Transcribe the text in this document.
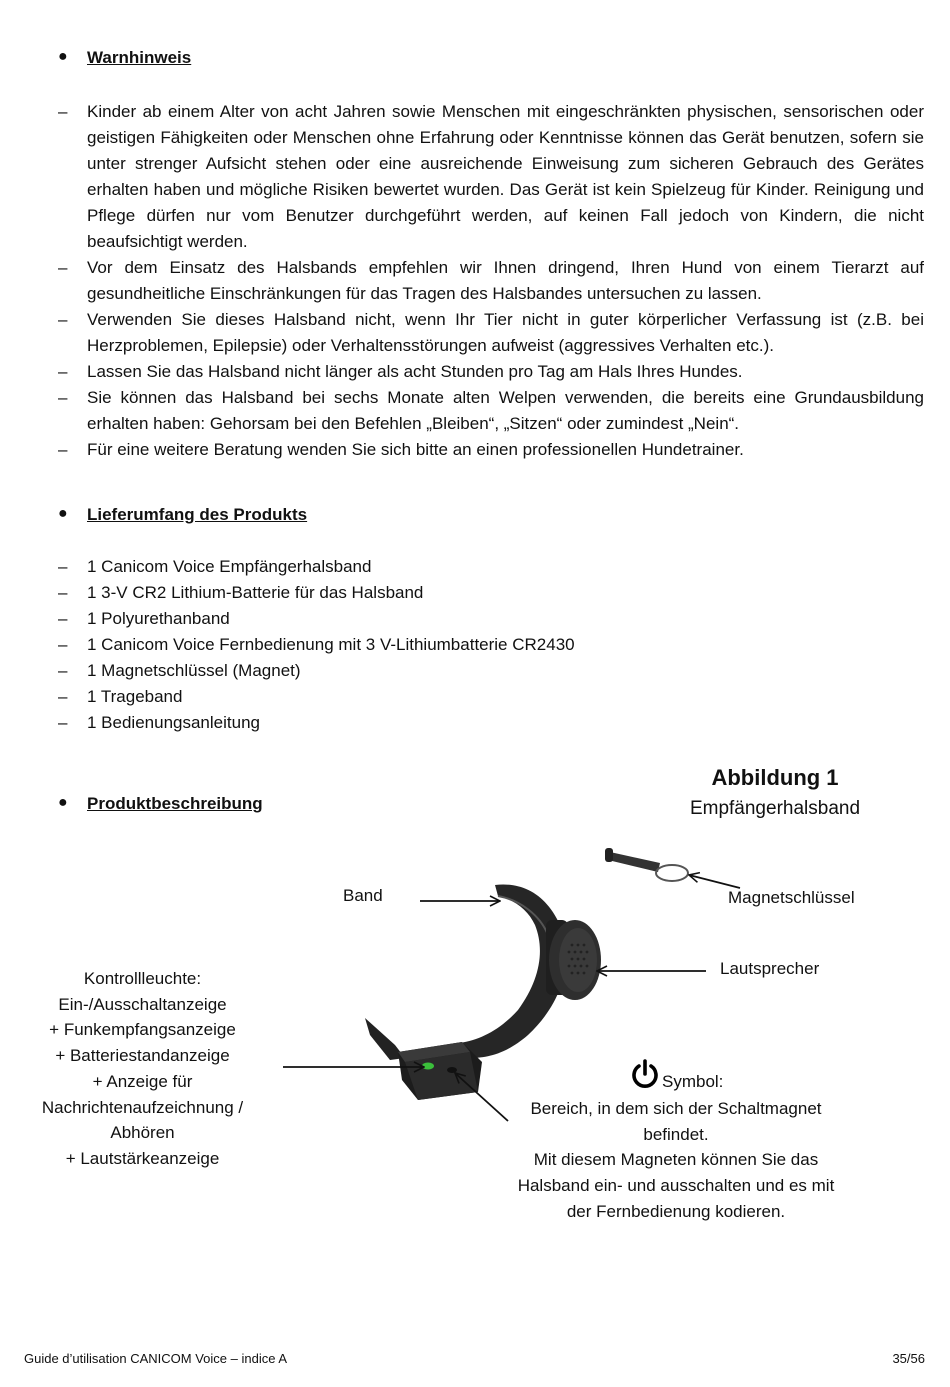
● Warnhinweis
– Kinder ab einem Alter von acht Jahren sowie Menschen mit eingeschränkten physischen, sensorischen oder geistigen Fähigkeiten oder Menschen ohne Erfahrung oder Kenntnisse können das Gerät benutzen, sofern sie unter strenger Aufsicht stehen oder eine ausreichende Einweisung zum sicheren Gebrauch des Gerätes erhalten haben und mögliche Risiken bewertet wurden. Das Gerät ist kein Spielzeug für Kinder. Reinigung und Pflege dürfen nur vom Benutzer durchgeführt werden, auf keinen Fall jedoch von Kindern, die nicht beaufsichtigt werden.
– Vor dem Einsatz des Halsbands empfehlen wir Ihnen dringend, Ihren Hund von einem Tierarzt auf gesundheitliche Einschränkungen für das Tragen des Halsbandes untersuchen zu lassen.
– Verwenden Sie dieses Halsband nicht, wenn Ihr Tier nicht in guter körperlicher Verfassung ist (z.B. bei Herzproblemen, Epilepsie) oder Verhaltensstörungen aufweist (aggressives Verhalten etc.).
– Lassen Sie das Halsband nicht länger als acht Stunden pro Tag am Hals Ihres Hundes.
– Sie können das Halsband bei sechs Monate alten Welpen verwenden, die bereits eine Grundausbildung erhalten haben: Gehorsam bei den Befehlen „Bleiben“, „Sitzen“ oder zumindest „Nein“.
– Für eine weitere Beratung wenden Sie sich bitte an einen professionellen Hundetrainer.
● Lieferumfang des Produkts
– 1 Canicom Voice Empfängerhalsband
– 1 3-V CR2 Lithium-Batterie für das Halsband
– 1 Polyurethanband
– 1 Canicom Voice Fernbedienung mit 3 V-Lithiumbatterie CR2430
– 1 Magnetschlüssel (Magnet)
– 1 Trageband
– 1 Bedienungsanleitung
● Produktbeschreibung
Abbildung 1
Empfängerhalsband
Band	Magnetschlüssel
Lautsprecher
Kontrollleuchte:
Ein-/Ausschaltanzeige
+ Funkempfangsanzeige
+ Batteriestandanzeige
+ Anzeige für
Nachrichtenaufzeichnung /
Abhören
+ Lautstärkeanzeige
Symbol:
Bereich, in dem sich der Schaltmagnet
befindet.
Mit diesem Magneten können Sie das
Halsband ein- und ausschalten und es mit
der Fernbedienung kodieren.
Guide d’utilisation CANICOM Voice – indice A	35/56
